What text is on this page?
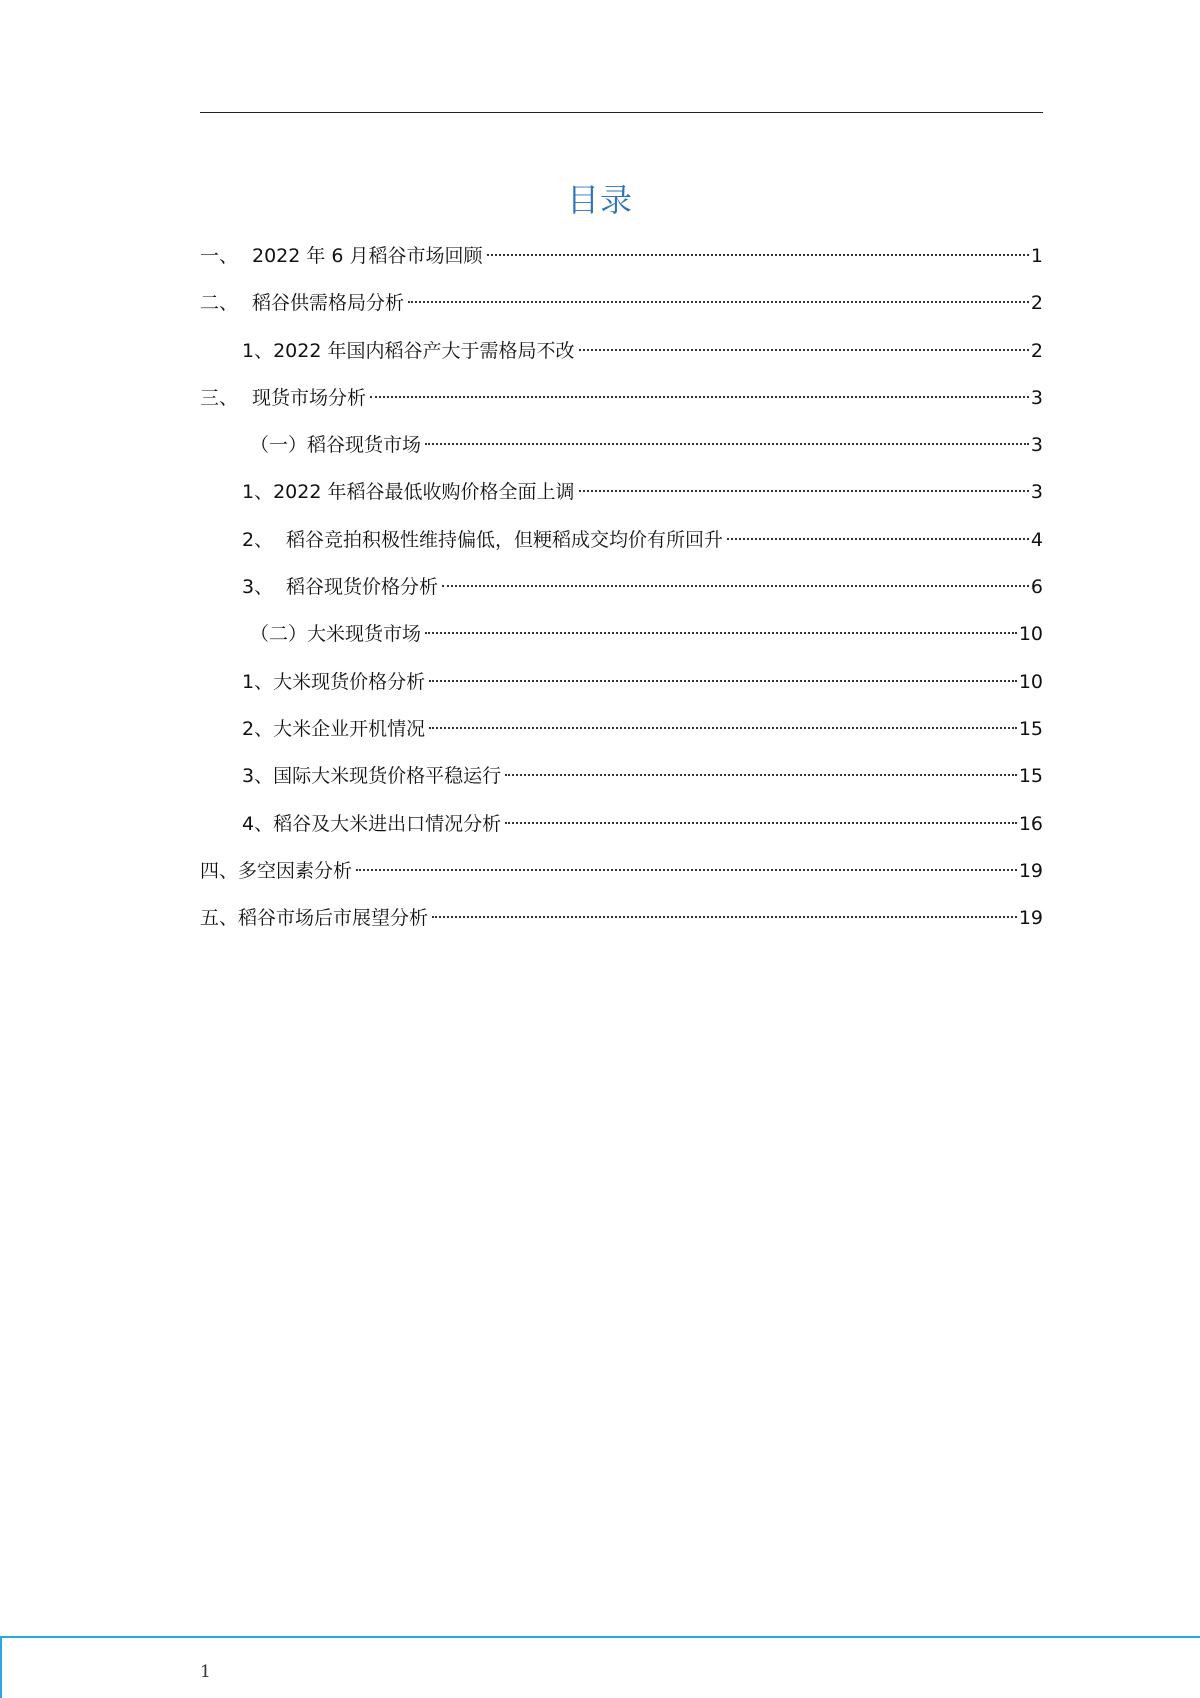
目录
一、 2022 年 6 月稻谷市场回顾	1
二、 稻谷供需格局分析	2
1、 2022 年国内稻谷产大于需格局不改	2
三、 现货市场分析	3
（一） 稻谷现货市场	3
1、 2022 年稻谷最低收购价格全面上调	3
2、 稻谷竞拍积极性维持偏低，但粳稻成交均价有所回升	4
3、 稻谷现货价格分析	6
（二） 大米现货市场	10
1、 大米现货价格分析	10
2、 大米企业开机情况	15
3、 国际大米现货价格平稳运行	15
4、 稻谷及大米进出口情况分析	16
四、 多空因素分析	19
五、 稻谷市场后市展望分析	19
1
